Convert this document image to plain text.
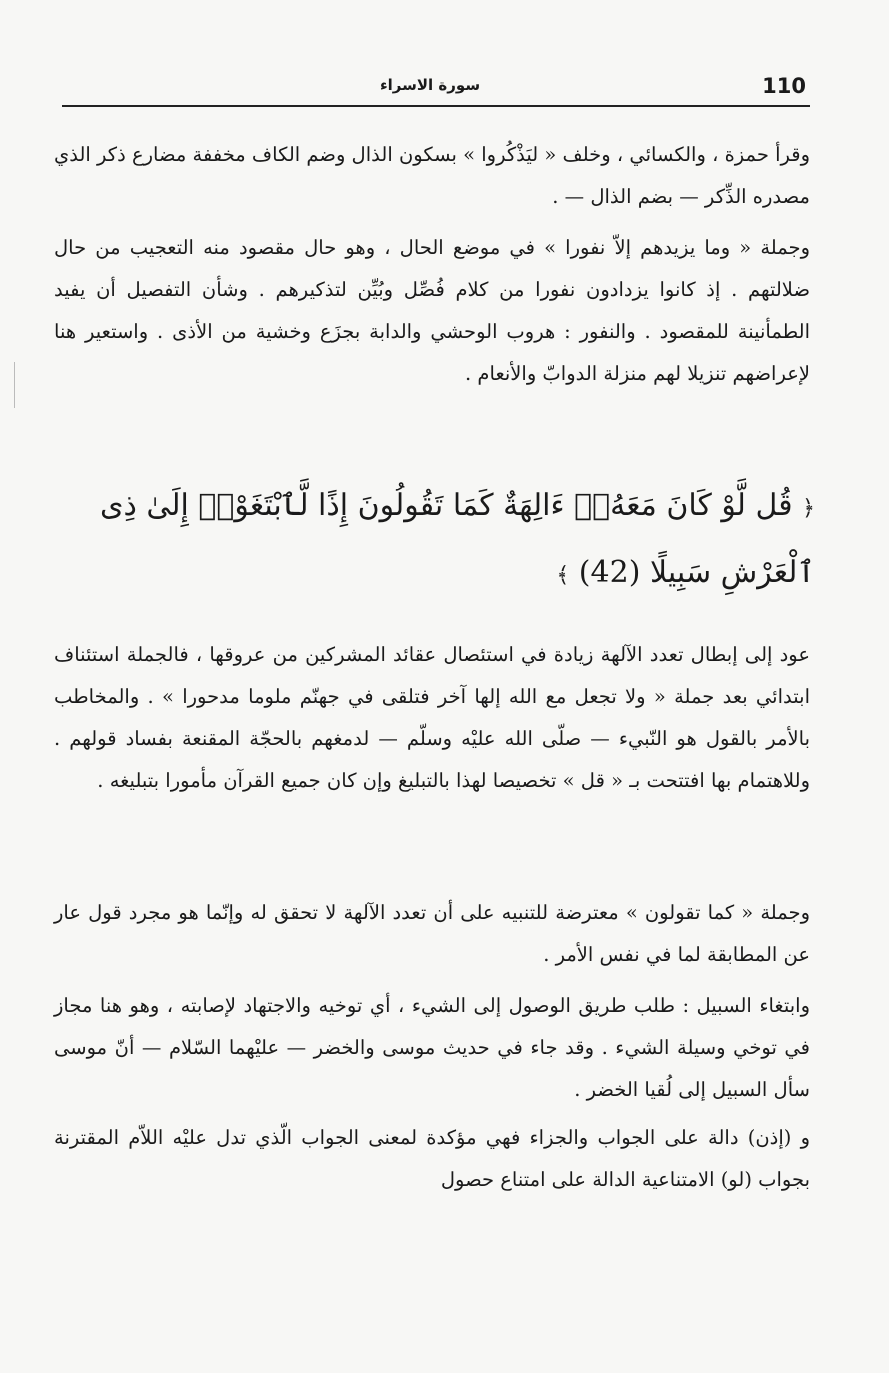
110
سورة الاسراء

وقرأ حمزة ، والكسائي ، وخلف « ليَذْكُروا » بسكون الذال وضم الكاف مخففة مضارع ذكر الذي مصدره الذِّكر — بضم الذال — .

وجملة « وما يزيدهم إلاّ نفورا » في موضع الحال ، وهو حال مقصود منه التعجيب من حال ضلالتهم . إذ كانوا يزدادون نفورا من كلام فُصِّل وبُيِّن لتذكيرهم . وشأن التفصيل أن يفيد الطمأنينة للمقصود . والنفور : هروب الوحشي والدابة بجزَع وخشية من الأذى . واستعير هنا لإعراضهم تنزيلا لهم منزلة الدوابّ والأنعام .

﴿ قُل لَّوْ كَانَ مَعَهُۥٓ ءَالِهَةٌ كَمَا تَقُولُونَ إِذًا لَّٱبْتَغَوْا۟ إِلَىٰ ذِى ٱلْعَرْشِ سَبِيلًا (42) ﴾

عود إلى إبطال تعدد الآلهة زيادة في استئصال عقائد المشركين من عروقها ، فالجملة استئناف ابتدائي بعد جملة « ولا تجعل مع الله إلها آخر فتلقى في جهنّم ملوما مدحورا » . والمخاطب بالأمر بالقول هو النّبيء — صلّى الله عليْه وسلّم — لدمغهم بالحجّة المقنعة بفساد قولهم . وللاهتمام بها افتتحت بـ « قل » تخصيصا لهذا بالتبليغ وإن كان جميع القرآن مأمورا بتبليغه .

وجملة « كما تقولون » معترضة للتنبيه على أن تعدد الآلهة لا تحقق له وإنّما هو مجرد قول عار عن المطابقة لما في نفس الأمر .

وابتغاء السبيل : طلب طريق الوصول إلى الشيء ، أي توخيه والاجتهاد لإصابته ، وهو هنا مجاز في توخي وسيلة الشيء . وقد جاء في حديث موسى والخضر — عليْهما السّلام — أنّ موسى سأل السبيل إلى لُقيا الخضر .

و (إذن) دالة على الجواب والجزاء فهي مؤكدة لمعنى الجواب الّذي تدل عليْه اللاّم المقترنة بجواب (لو) الامتناعية الدالة على امتناع حصول
